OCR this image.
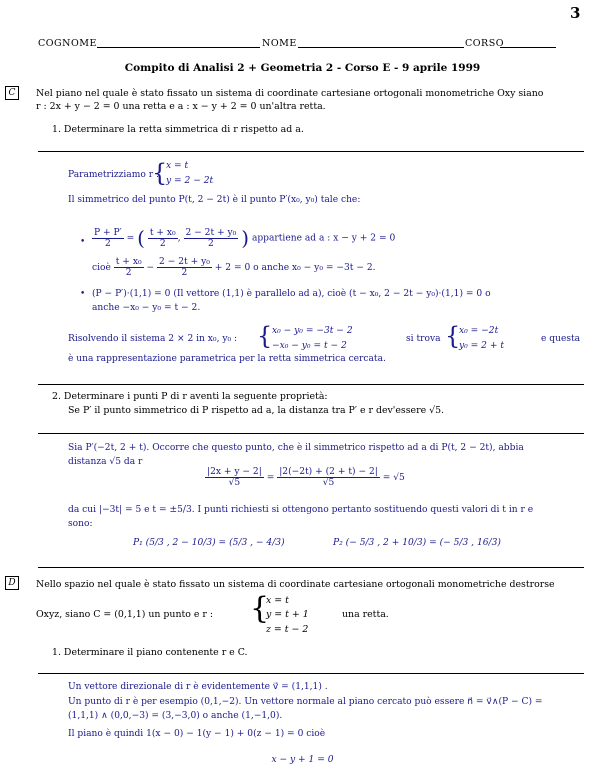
3
COGNOME	NOME	CORSO
Compito di Analisi 2 + Geometria 2 - Corso E - 9 aprile 1999
C	Nel piano nel quale è stato fissato un sistema di coordinate cartesiane ortogonali monometriche Oxy siano
r : 2x + y − 2 = 0 una retta e a : x − y + 2 = 0 un'altra retta.
1. Determinare la retta simmetrica di r rispetto ad a.
Parametrizziamo r :
{
x = t
y = 2 − 2t
Il simmetrico del punto P(t, 2 − 2t) è il punto P′(x₀, y₀) tale che:
• $\frac{P + P'}{2}$ = ( $\frac{\text{t + x₀}}{2}$ , $\frac{\text{2 − 2t + y₀}}{2}$ ) appartiene ad a : x − y + 2 = 0
cioè $\frac{\text{t + x₀}}{2} - \frac{\text{2 − 2t + y₀}}{2} + 2 = 0$ o anche x₀ − y₀ = −3t − 2.
• (P − P′)·(1,1) = 0 (Il vettore (1,1) è parallelo ad a), cioè (t − x₀, 2 − 2t − y₀)·(1,1) = 0 o
anche −x₀ − y₀ = t − 2.
Risolvendo il sistema 2 × 2 in x₀, y₀ : { x₀ − y₀ = −3t − 2
−x₀ − y₀ = t − 2
si trova {
x₀ = −2t
y₀ = 2 + t
e questa
è una rappresentazione parametrica per la retta simmetrica cercata.
2. Determinare i punti P di r aventi la seguente proprietà:
Se P′ il punto simmetrico di P rispetto ad a, la distanza tra P′ e r dev'essere √5.
Sia P′(−2t, 2 + t). Occorre che questo punto, che è il simmetrico rispetto ad a di P(t, 2 − 2t), abbia
distanza √5 da r
$\frac{|2x + y - 2|}{√5} = \frac{|2(-2t) + (2 + t) - 2|}{√5} = √5$
da cui |−3t| = 5 e t = ±5/3. I punti richiesti si ottengono pertanto sostituendo questi valori di t in r e
sono:
P₁ (5/3 , 2 − 10/3) = (5/3 , − 4/3)	P₂ (− 5/3 , 2 + 10/3) = (− 5/3 , 16/3)
D	Nello spazio nel quale è stato fissato un sistema di coordinate cartesiane ortogonali monometriche destrorse
Oxyz, siano C = (0,1,1) un punto e r : {
x = t
y = t + 1
z = t − 2
una retta.
1. Determinare il piano contenente r e C.
Un vettore direzionale di r è evidentemente v⃗ = (1,1,1) .
Un punto di r è per esempio (0,1,−2). Un vettore normale al piano cercato può essere n⃗ = v⃗∧(P − C) =
(1,1,1) ∧ (0,0,−3) = (3,−3,0) o anche (1,−1,0).
Il piano è quindi 1(x − 0) − 1(y − 1) + 0(z − 1) = 0 cioè
x − y + 1 = 0
